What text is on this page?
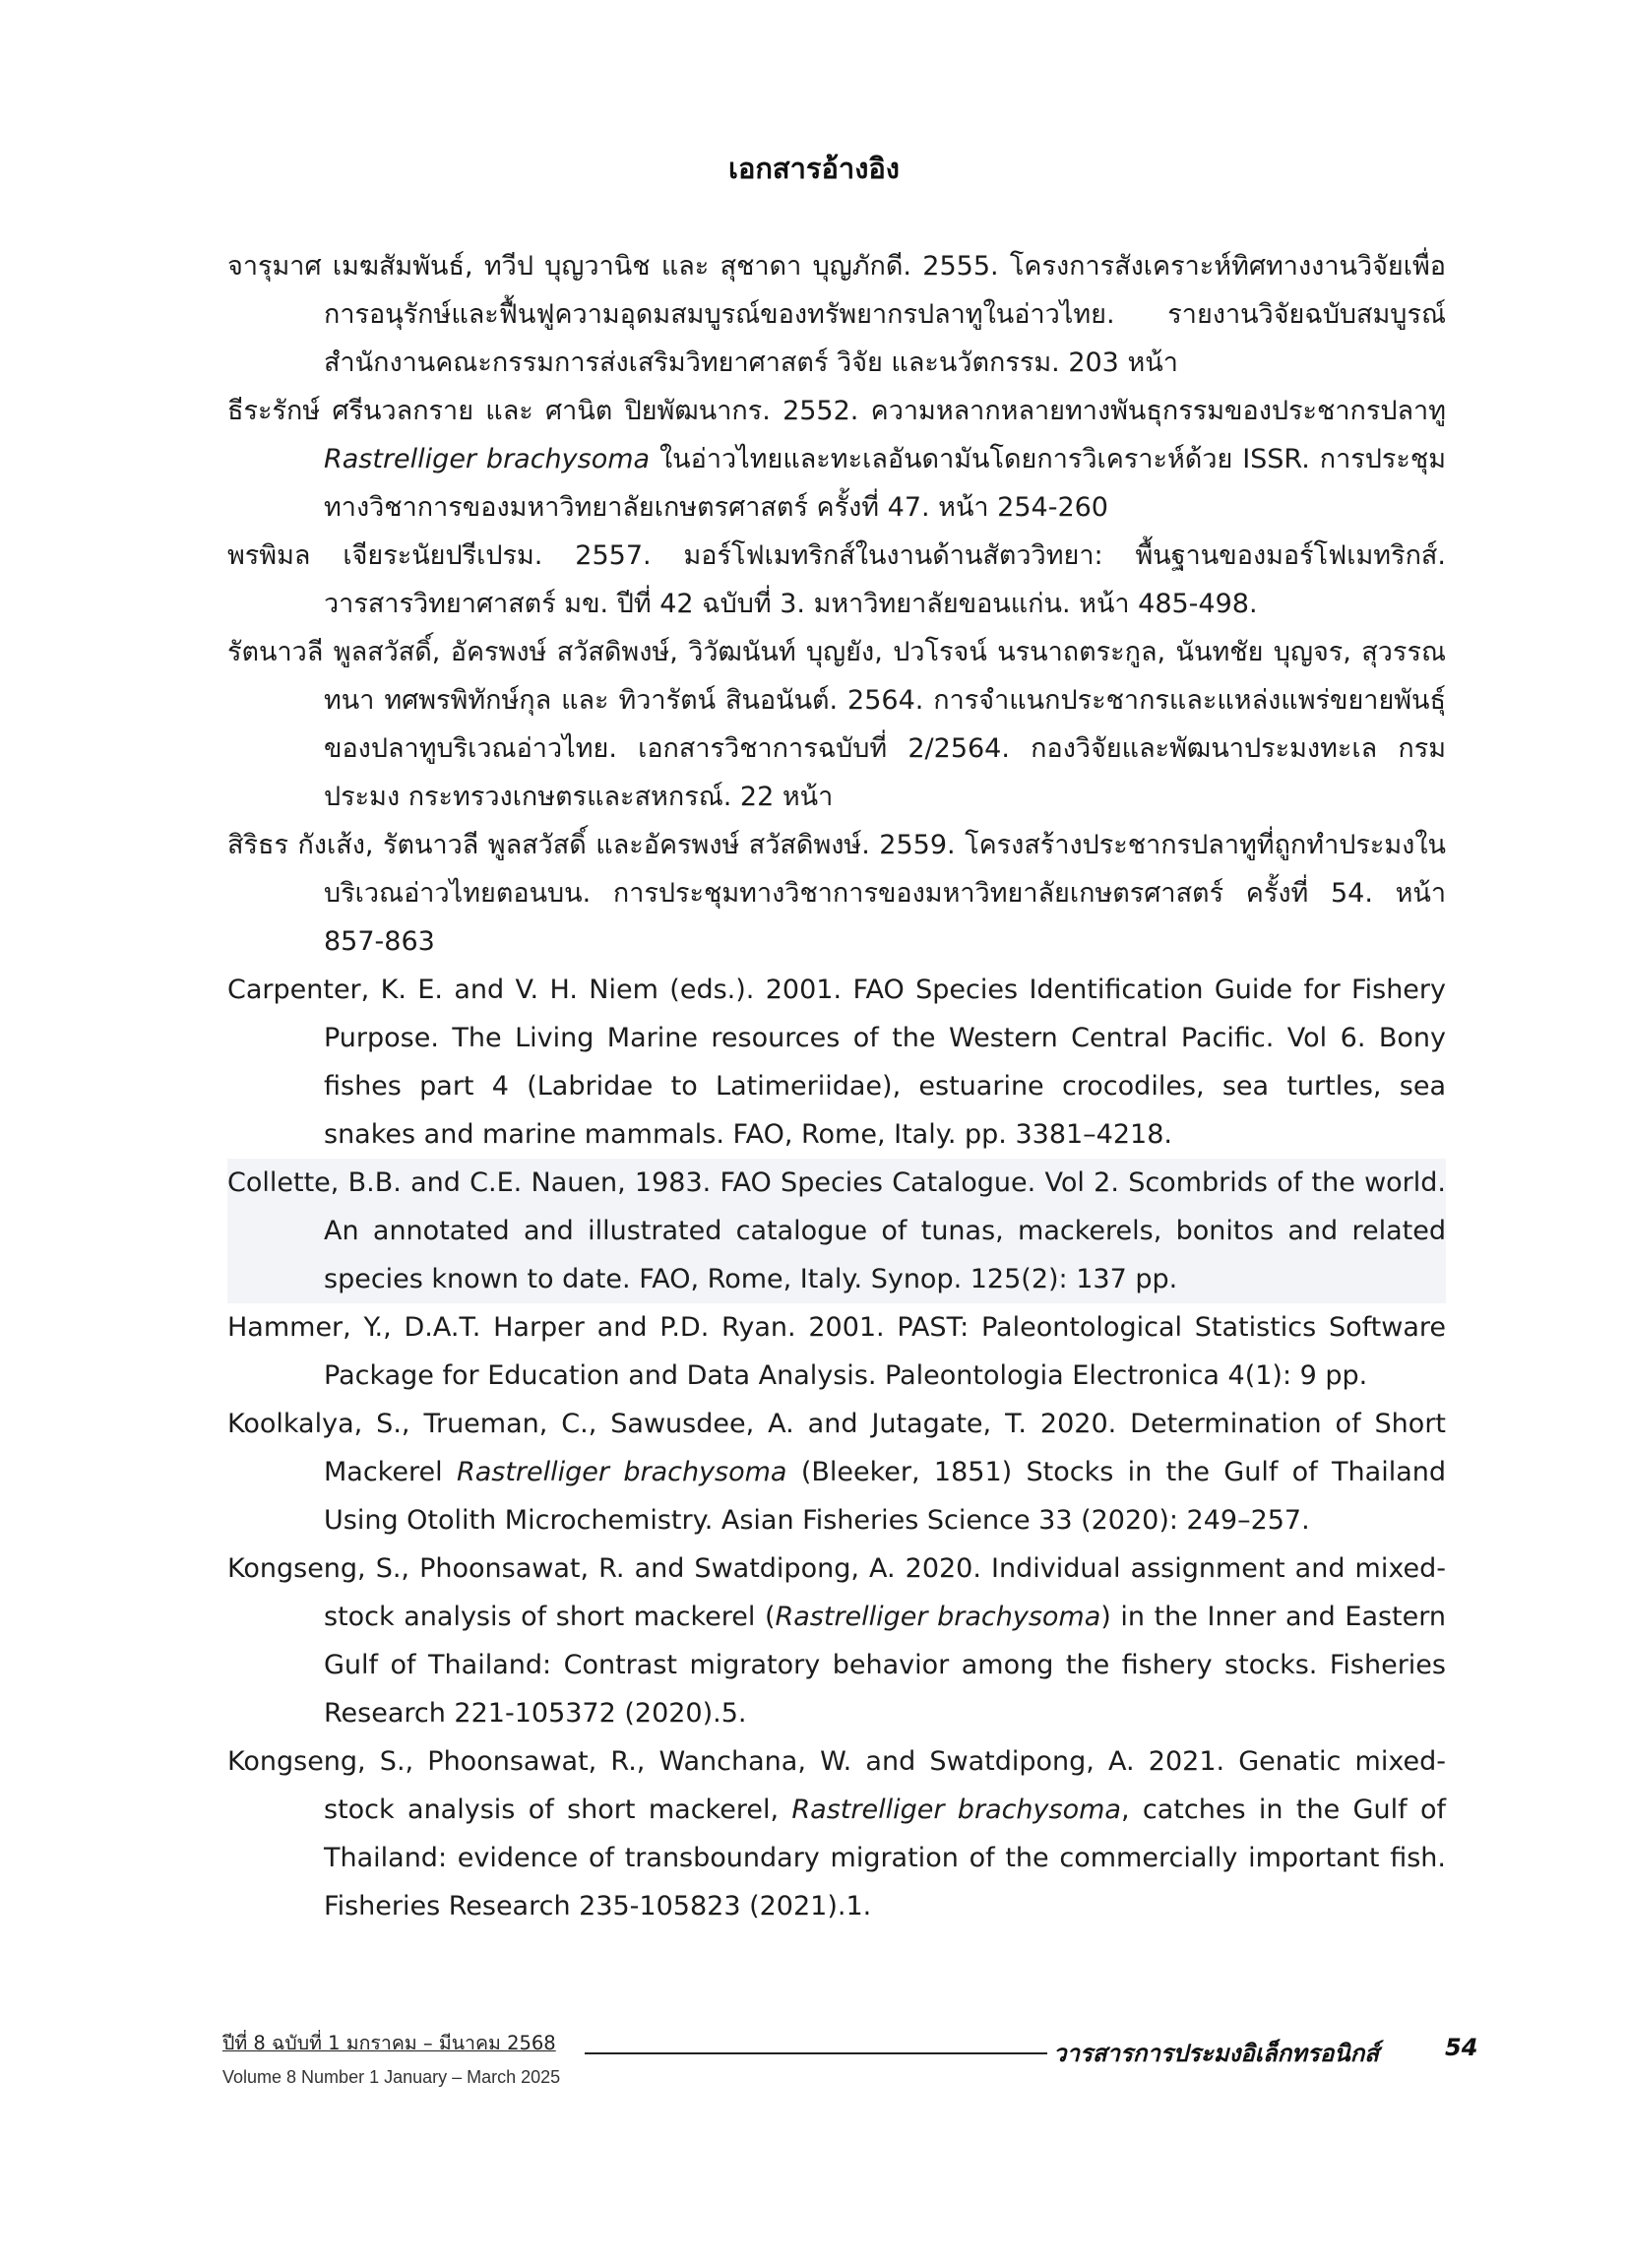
เอกสารอ้างอิง

จารุมาศ เมฆสัมพันธ์, ทวีป บุญวานิช และ สุชาดา บุญภักดี. 2555. โครงการสังเคราะห์ทิศทางงานวิจัยเพื่อการอนุรักษ์และฟื้นฟูความอุดมสมบูรณ์ของทรัพยากรปลาทูในอ่าวไทย. รายงานวิจัยฉบับสมบูรณ์ สำนักงานคณะกรรมการส่งเสริมวิทยาศาสตร์ วิจัย และนวัตกรรม. 203 หน้า

ธีระรักษ์ ศรีนวลกราย และ ศานิต ปิยพัฒนากร. 2552. ความหลากหลายทางพันธุกรรมของประชากรปลาทู Rastrelliger brachysoma ในอ่าวไทยและทะเลอันดามันโดยการวิเคราะห์ด้วย ISSR. การประชุมทางวิชาการของมหาวิทยาลัยเกษตรศาสตร์ ครั้งที่ 47. หน้า 254-260

พรพิมล เจียระนัยปรีเปรม. 2557. มอร์โฟเมทริกส์ในงานด้านสัตววิทยา: พื้นฐานของมอร์โฟเมทริกส์. วารสารวิทยาศาสตร์ มข. ปีที่ 42 ฉบับที่ 3. มหาวิทยาลัยขอนแก่น. หน้า 485-498.

รัตนาวลี พูลสวัสดิ์, อัครพงษ์ สวัสดิพงษ์, วิวัฒนันท์ บุญยัง, ปวโรจน์ นรนาถตระกูล, นันทชัย บุญจร, สุวรรณทนา ทศพรพิทักษ์กุล และ ทิวารัตน์ สินอนันต์. 2564. การจำแนกประชากรและแหล่งแพร่ขยายพันธุ์ของปลาทูบริเวณอ่าวไทย. เอกสารวิชาการฉบับที่ 2/2564. กองวิจัยและพัฒนาประมงทะเล กรมประมง กระทรวงเกษตรและสหกรณ์. 22 หน้า

สิริธร กังเส้ง, รัตนาวลี พูลสวัสดิ์ และอัครพงษ์ สวัสดิพงษ์. 2559. โครงสร้างประชากรปลาทูที่ถูกทำประมงในบริเวณอ่าวไทยตอนบน. การประชุมทางวิชาการของมหาวิทยาลัยเกษตรศาสตร์ ครั้งที่ 54. หน้า 857-863

Carpenter, K. E. and V. H. Niem (eds.). 2001. FAO Species Identification Guide for Fishery Purpose. The Living Marine resources of the Western Central Pacific. Vol 6. Bony fishes part 4 (Labridae to Latimeriidae), estuarine crocodiles, sea turtles, sea snakes and marine mammals. FAO, Rome, Italy. pp. 3381–4218.

Collette, B.B. and C.E. Nauen, 1983. FAO Species Catalogue. Vol 2. Scombrids of the world. An annotated and illustrated catalogue of tunas, mackerels, bonitos and related species known to date. FAO, Rome, Italy. Synop. 125(2): 137 pp.

Hammer, Y., D.A.T. Harper and P.D. Ryan. 2001. PAST: Paleontological Statistics Software Package for Education and Data Analysis. Paleontologia Electronica 4(1): 9 pp.

Koolkalya, S., Trueman, C., Sawusdee, A. and Jutagate, T. 2020. Determination of Short Mackerel Rastrelliger brachysoma (Bleeker, 1851) Stocks in the Gulf of Thailand Using Otolith Microchemistry. Asian Fisheries Science 33 (2020): 249–257.

Kongseng, S., Phoonsawat, R. and Swatdipong, A. 2020. Individual assignment and mixed-stock analysis of short mackerel (Rastrelliger brachysoma) in the Inner and Eastern Gulf of Thailand: Contrast migratory behavior among the fishery stocks. Fisheries Research 221-105372 (2020).5.

Kongseng, S., Phoonsawat, R., Wanchana, W. and Swatdipong, A. 2021. Genatic mixed-stock analysis of short mackerel, Rastrelliger brachysoma, catches in the Gulf of Thailand: evidence of transboundary migration of the commercially important fish. Fisheries Research 235-105823 (2021).1.

ปีที่ 8 ฉบับที่ 1 มกราคม – มีนาคม 2568	วารสารการประมงอิเล็กทรอนิกส์	54
Volume 8 Number 1 January – March 2025
